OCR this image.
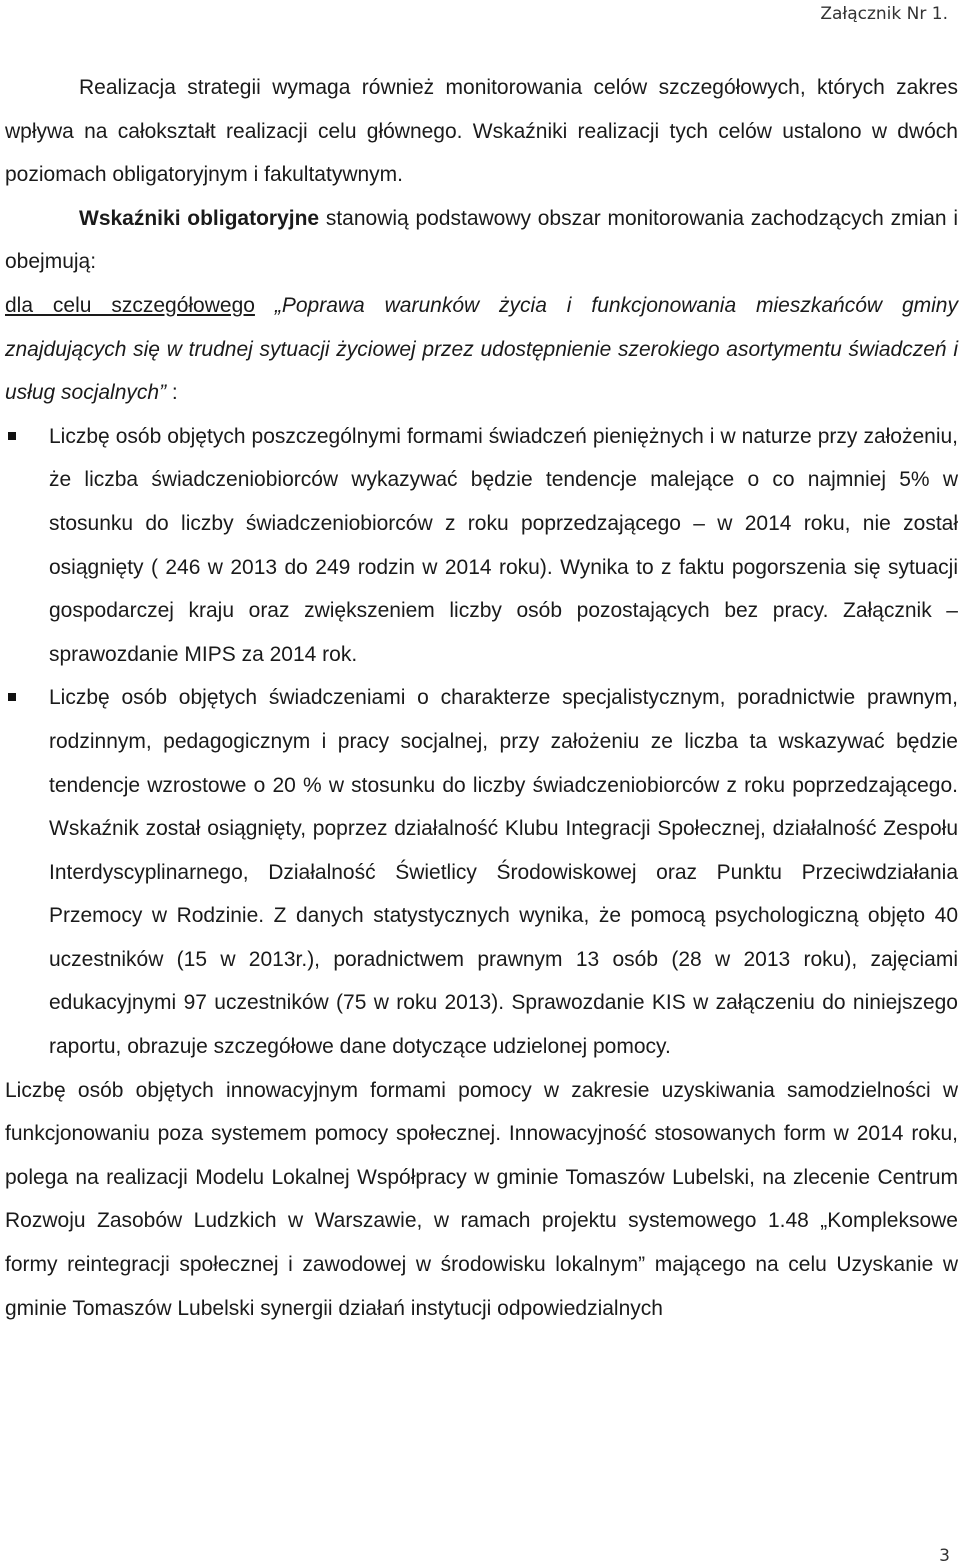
Załącznik Nr 1.

Realizacja strategii wymaga również monitorowania celów szczegółowych, których zakres wpływa na całokształt realizacji celu głównego. Wskaźniki realizacji tych celów ustalono w dwóch poziomach obligatoryjnym i fakultatywnym.

Wskaźniki obligatoryjne stanowią podstawowy obszar monitorowania zachodzących zmian i obejmują:

dla celu szczegółowego „Poprawa warunków życia i funkcjonowania mieszkańców gminy znajdujących się w trudnej sytuacji życiowej przez udostępnienie szerokiego asortymentu świadczeń i usług socjalnych” :

Liczbę osób objętych poszczególnymi formami świadczeń pieniężnych i w naturze przy założeniu, że liczba świadczeniobiorców wykazywać będzie tendencje malejące o co najmniej 5% w stosunku do liczby świadczeniobiorców z roku poprzedzającego – w 2014 roku, nie został osiągnięty ( 246 w 2013 do 249 rodzin w 2014 roku). Wynika to z faktu pogorszenia się sytuacji gospodarczej kraju oraz zwiększeniem liczby osób pozostających bez pracy. Załącznik – sprawozdanie MIPS za 2014 rok.

Liczbę osób objętych świadczeniami o charakterze specjalistycznym, poradnictwie prawnym, rodzinnym, pedagogicznym i pracy socjalnej, przy założeniu ze liczba ta wskazywać będzie tendencje wzrostowe o 20 % w stosunku do liczby świadczeniobiorców z roku poprzedzającego. Wskaźnik został osiągnięty, poprzez działalność Klubu Integracji Społecznej, działalność Zespołu Interdyscyplinarnego, Działalność Świetlicy Środowiskowej oraz Punktu Przeciwdziałania Przemocy w Rodzinie. Z danych statystycznych wynika, że pomocą psychologiczną objęto 40 uczestników (15 w 2013r.), poradnictwem prawnym 13 osób (28 w 2013 roku), zajęciami edukacyjnymi 97 uczestników (75 w roku 2013). Sprawozdanie KIS w załączeniu do niniejszego raportu, obrazuje szczegółowe dane dotyczące udzielonej pomocy.

Liczbę osób objętych innowacyjnym formami pomocy w zakresie uzyskiwania samodzielności w funkcjonowaniu poza systemem pomocy społecznej. Innowacyjność stosowanych form w 2014 roku, polega na realizacji Modelu Lokalnej Współpracy w gminie Tomaszów Lubelski, na zlecenie Centrum Rozwoju Zasobów Ludzkich w Warszawie, w ramach projektu systemowego 1.48 „Kompleksowe formy reintegracji społecznej i zawodowej w środowisku lokalnym” mającego na celu Uzyskanie w gminie Tomaszów Lubelski synergii działań instytucji odpowiedzialnych

3
